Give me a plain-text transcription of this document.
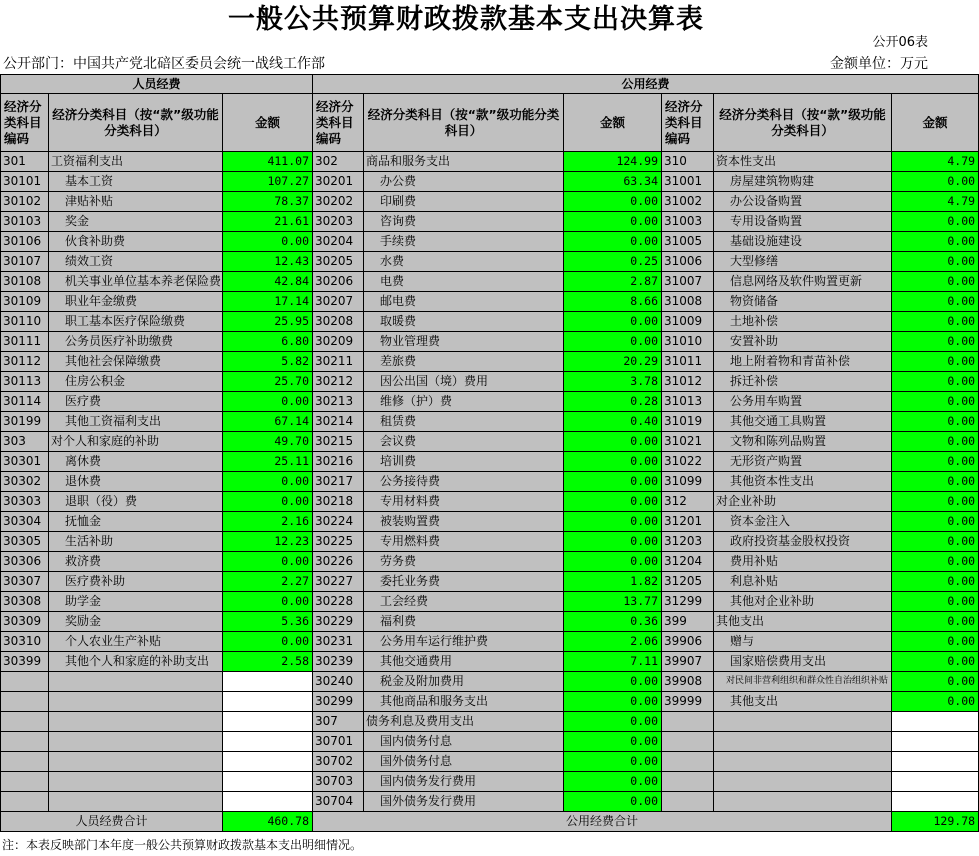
一般公共预算财政拨款基本支出决算表
公开06表
公开部门：中国共产党北碚区委员会统一战线工作部	金额单位：万元
人员经费			公用经费					
经济分类科目编码	经济分类科目（按“款”级功能分类科目）	金额	经济分类科目编码	经济分类科目（按“款”级功能分类科目）	金额	经济分类科目编码	经济分类科目（按“款”级功能分类科目）	金额
301	工资福利支出	411.07	302	商品和服务支出	124.99	310	资本性支出	4.79
30101	基本工资	107.27	30201	办公费	63.34	31001	房屋建筑物购建	0.00
30102	津贴补贴	78.37	30202	印刷费	0.00	31002	办公设备购置	4.79
30103	奖金	21.61	30203	咨询费	0.00	31003	专用设备购置	0.00
30106	伙食补助费	0.00	30204	手续费	0.00	31005	基础设施建设	0.00
30107	绩效工资	12.43	30205	水费	0.25	31006	大型修缮	0.00
30108	机关事业单位基本养老保险费	42.84	30206	电费	2.87	31007	信息网络及软件购置更新	0.00
30109	职业年金缴费	17.14	30207	邮电费	8.66	31008	物资储备	0.00
30110	职工基本医疗保险缴费	25.95	30208	取暖费	0.00	31009	土地补偿	0.00
30111	公务员医疗补助缴费	6.80	30209	物业管理费	0.00	31010	安置补助	0.00
30112	其他社会保障缴费	5.82	30211	差旅费	20.29	31011	地上附着物和青苗补偿	0.00
30113	住房公积金	25.70	30212	因公出国（境）费用	3.78	31012	拆迁补偿	0.00
30114	医疗费	0.00	30213	维修（护）费	0.28	31013	公务用车购置	0.00
30199	其他工资福利支出	67.14	30214	租赁费	0.40	31019	其他交通工具购置	0.00
303	对个人和家庭的补助	49.70	30215	会议费	0.00	31021	文物和陈列品购置	0.00
30301	离休费	25.11	30216	培训费	0.00	31022	无形资产购置	0.00
30302	退休费	0.00	30217	公务接待费	0.00	31099	其他资本性支出	0.00
30303	退职（役）费	0.00	30218	专用材料费	0.00	312	对企业补助	0.00
30304	抚恤金	2.16	30224	被装购置费	0.00	31201	资本金注入	0.00
30305	生活补助	12.23	30225	专用燃料费	0.00	31203	政府投资基金股权投资	0.00
30306	救济费	0.00	30226	劳务费	0.00	31204	费用补贴	0.00
30307	医疗费补助	2.27	30227	委托业务费	1.82	31205	利息补贴	0.00
30308	助学金	0.00	30228	工会经费	13.77	31299	其他对企业补助	0.00
30309	奖励金	5.36	30229	福利费	0.36	399	其他支出	0.00
30310	个人农业生产补贴	0.00	30231	公务用车运行维护费	2.06	39906	赠与	0.00
30399	其他个人和家庭的补助支出	2.58	30239	其他交通费用	7.11	39907	国家赔偿费用支出	0.00
			30240	税金及附加费用	0.00	39908	对民间非营利组织和群众性自治组织补贴	0.00
			30299	其他商品和服务支出	0.00	39999	其他支出	0.00
			307	债务利息及费用支出	0.00			
			30701	国内债务付息	0.00			
			30702	国外债务付息	0.00			
			30703	国内债务发行费用	0.00			
			30704	国外债务发行费用	0.00			
人员经费合计		460.78	公用经费合计					129.78
注：本表反映部门本年度一般公共预算财政拨款基本支出明细情况。
